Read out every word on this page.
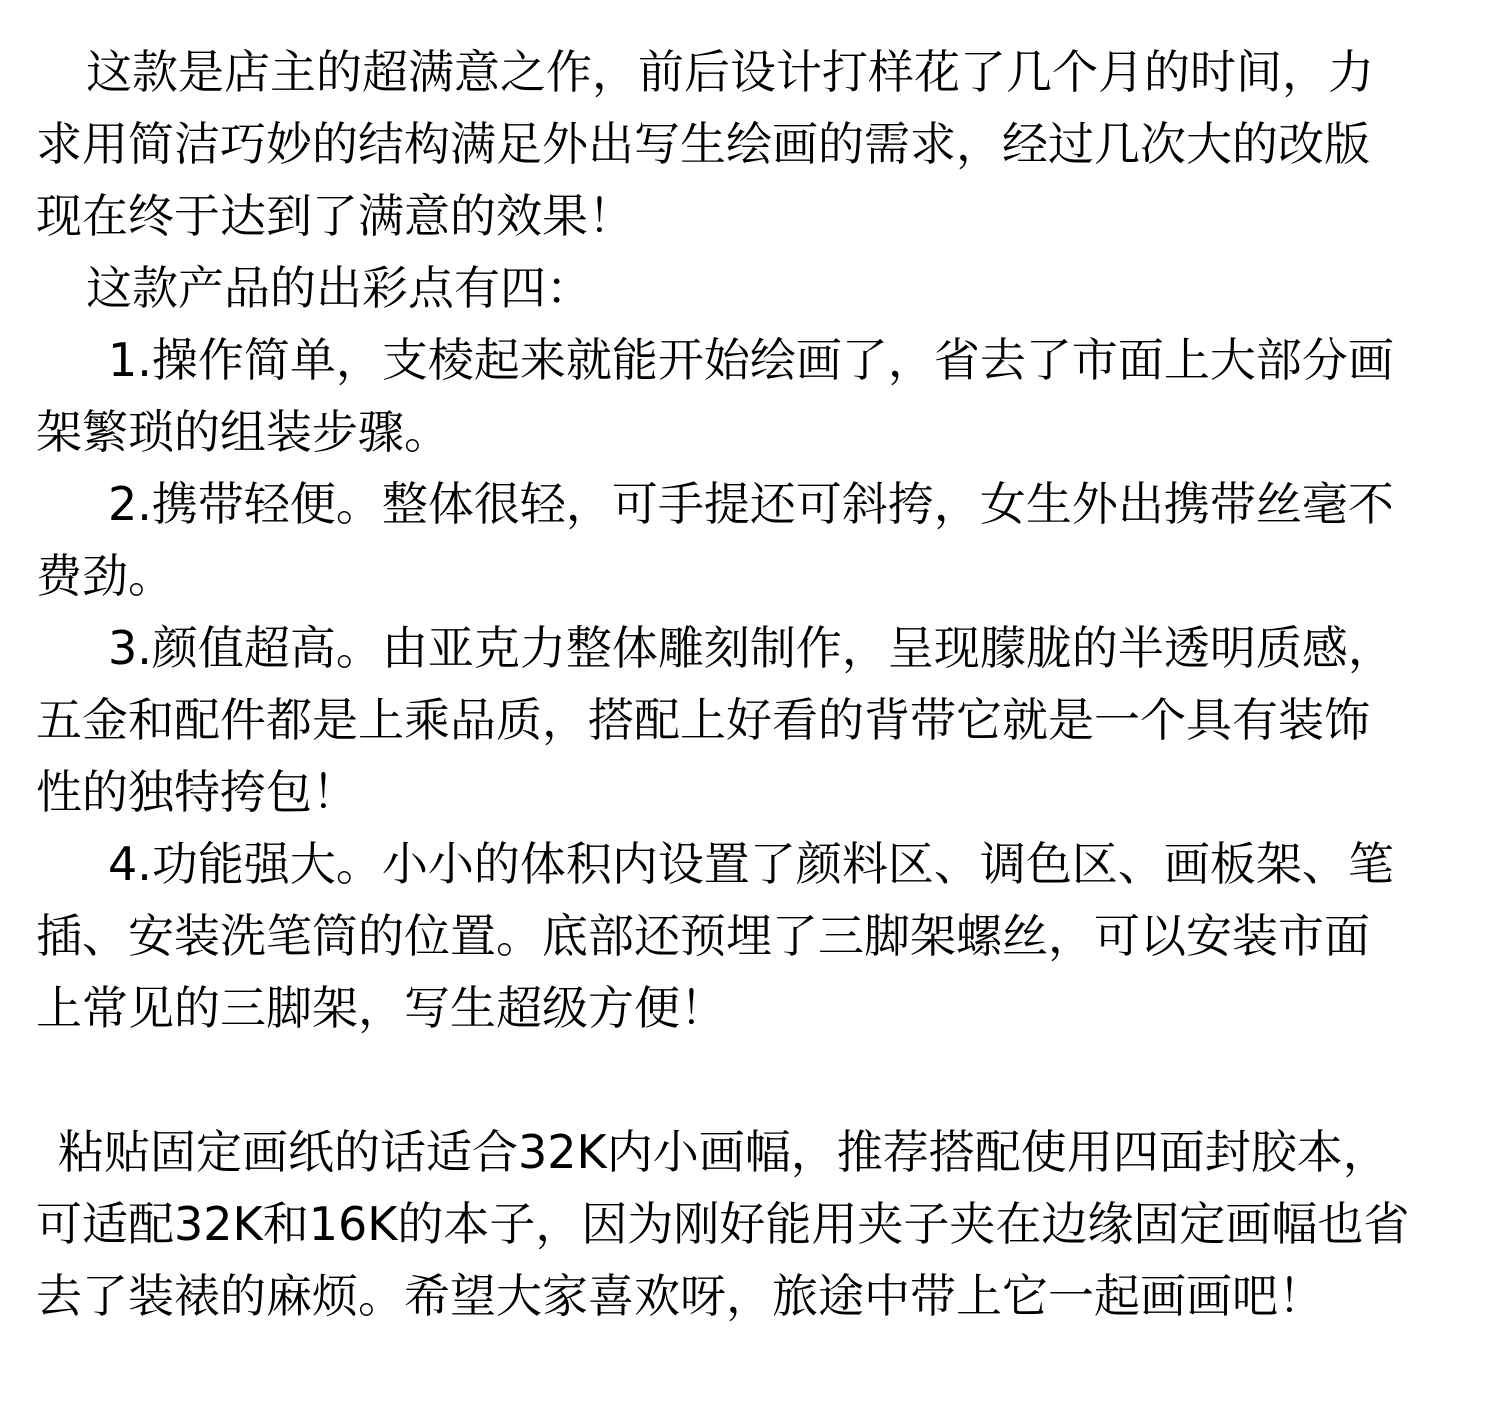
这款是店主的超满意之作，前后设计打样花了几个月的时间，力
求用简洁巧妙的结构满足外出写生绘画的需求，经过几次大的改版
现在终于达到了满意的效果！
这款产品的出彩点有四：
1.操作简单，支棱起来就能开始绘画了，省去了市面上大部分画
架繁琐的组装步骤。
2.携带轻便。整体很轻，可手提还可斜挎，女生外出携带丝毫不
费劲。
3.颜值超高。由亚克力整体雕刻制作，呈现朦胧的半透明质感，
五金和配件都是上乘品质，搭配上好看的背带它就是一个具有装饰
性的独特挎包！
4.功能强大。小小的体积内设置了颜料区、调色区、画板架、笔
插、安装洗笔筒的位置。底部还预埋了三脚架螺丝，可以安装市面
上常见的三脚架，写生超级方便！
粘贴固定画纸的话适合32K内小画幅，推荐搭配使用四面封胶本，
可适配32K和16K的本子，因为刚好能用夹子夹在边缘固定画幅也省
去了装裱的麻烦。希望大家喜欢呀，旅途中带上它一起画画吧！
